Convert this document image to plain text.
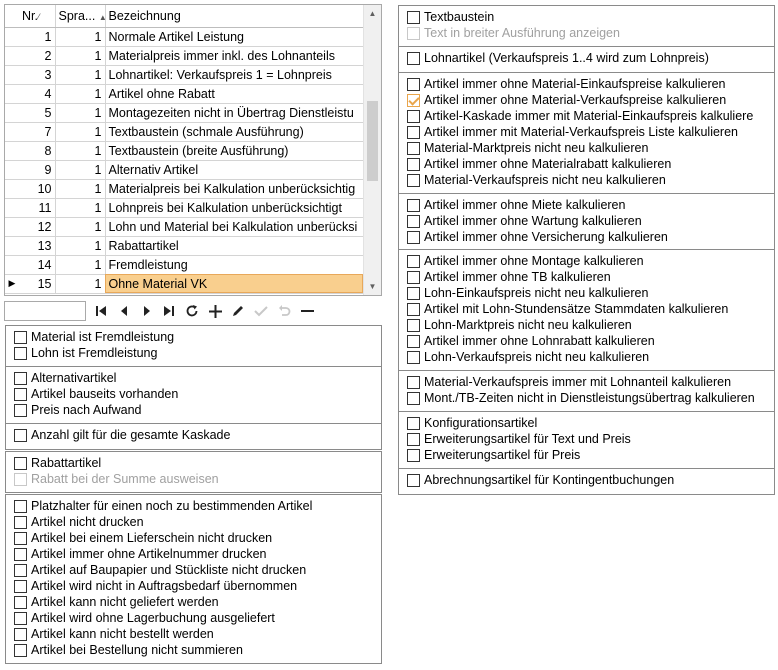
	Nr.⁄	Spra... ▲	Bezeichnung
	1	1	Normale Artikel Leistung
	2	1	Materialpreis immer inkl. des Lohnanteils
	3	1	Lohnartikel: Verkaufspreis 1 = Lohnpreis
	4	1	Artikel ohne Rabatt
	5	1	Montagezeiten nicht in Übertrag Dienstleistu
	7	1	Textbaustein (schmale Ausführung)
	8	1	Textbaustein (breite Ausführung)
	9	1	Alternativ Artikel
	10	1	Materialpreis bei Kalkulation unberücksichtig
	11	1	Lohnpreis bei Kalkulation unberücksichtigt
	12	1	Lohn und Material bei Kalkulation unberücksi
	13	1	Rabattartikel
	14	1	Fremdleistung
▶	15	1	Ohne Material VK
▲
▼
Material ist Fremdleistung
Lohn ist Fremdleistung
Alternativartikel
Artikel bauseits vorhanden
Preis nach Aufwand
Anzahl gilt für die gesamte Kaskade
Rabattartikel
Rabatt bei der Summe ausweisen
Platzhalter für einen noch zu bestimmenden Artikel
Artikel nicht drucken
Artikel bei einem Lieferschein nicht drucken
Artikel immer ohne Artikelnummer drucken
Artikel auf Baupapier und Stückliste nicht drucken
Artikel wird nicht in Auftragsbedarf übernommen
Artikel kann nicht geliefert werden
Artikel wird ohne Lagerbuchung ausgeliefert
Artikel kann nicht bestellt werden
Artikel bei Bestellung nicht summieren
Textbaustein
Text in breiter Ausführung anzeigen
Lohnartikel (Verkaufspreis 1..4 wird zum Lohnpreis)
Artikel immer ohne Material-Einkaufspreise kalkulieren
Artikel immer ohne Material-Verkaufspreise kalkulieren
Artikel-Kaskade immer mit Material-Einkaufspreis kalkuliere
Artikel immer mit Material-Verkaufspreis Liste kalkulieren
Material-Marktpreis nicht neu kalkulieren
Artikel immer ohne Materialrabatt kalkulieren
Material-Verkaufspreis nicht neu kalkulieren
Artikel immer ohne Miete kalkulieren
Artikel immer ohne Wartung kalkulieren
Artikel immer ohne Versicherung kalkulieren
Artikel immer ohne Montage kalkulieren
Artikel immer ohne TB kalkulieren
Lohn-Einkaufspreis nicht neu kalkulieren
Artikel mit Lohn-Stundensätze Stammdaten kalkulieren
Lohn-Marktpreis nicht neu kalkulieren
Artikel immer ohne Lohnrabatt kalkulieren
Lohn-Verkaufspreis nicht neu kalkulieren
Material-Verkaufspreis immer mit Lohnanteil kalkulieren
Mont./TB-Zeiten nicht in Dienstleistungsübertrag kalkulieren
Konfigurationsartikel
Erweiterungsartikel für Text und Preis
Erweiterungsartikel für Preis
Abrechnungsartikel für Kontingentbuchungen
